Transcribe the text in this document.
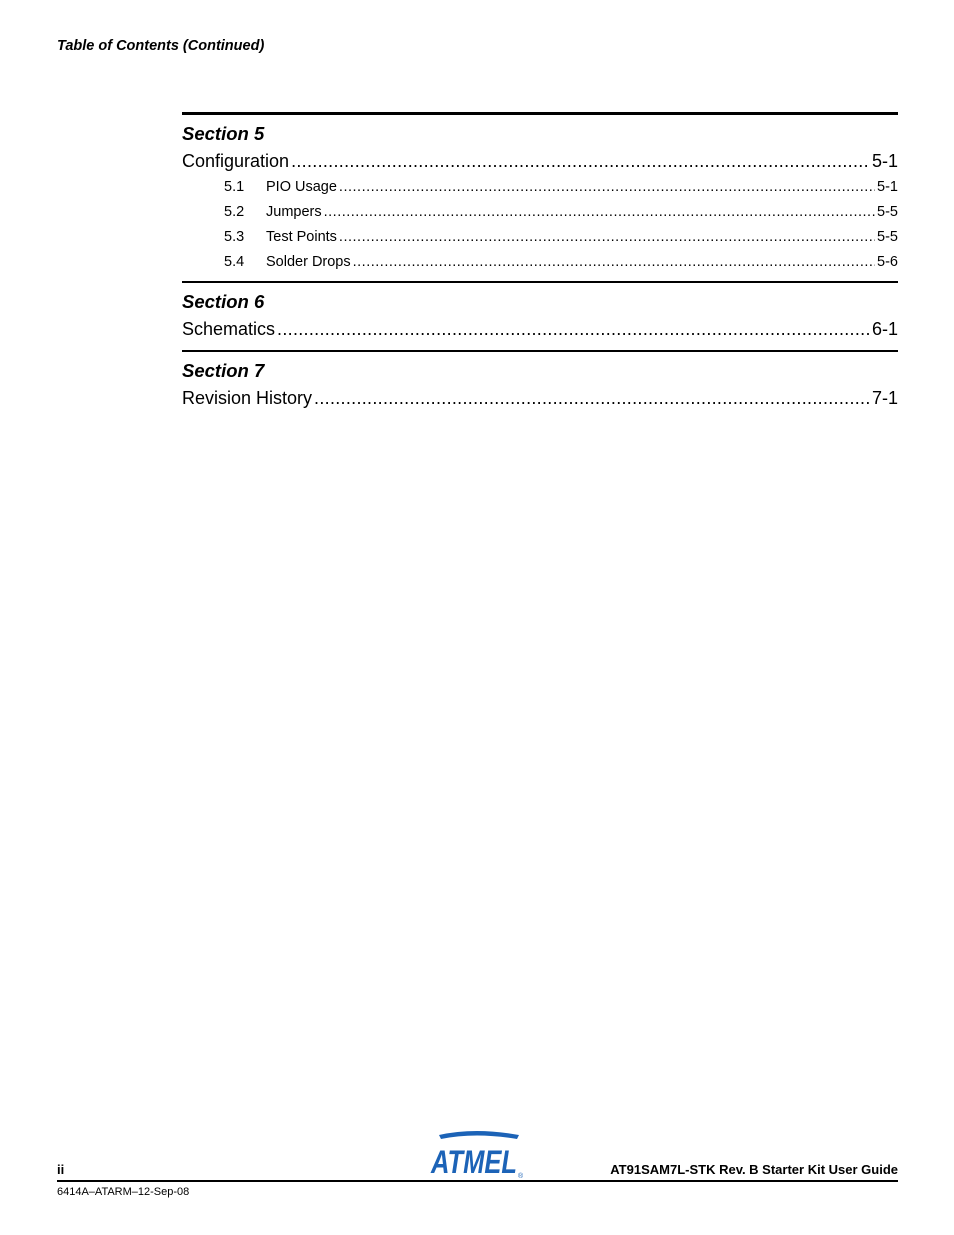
Table of Contents (Continued)
Section 5
Configuration .....	5-1
5.1	PIO Usage .....	5-1
5.2	Jumpers .....	5-5
5.3	Test Points .....	5-5
5.4	Solder Drops .....	5-6
Section 6
Schematics .....	6-1
Section 7
Revision History .....	7-1
ATMEL ®
ii	AT91SAM7L-STK Rev. B Starter Kit User Guide
6414A–ATARM–12-Sep-08
